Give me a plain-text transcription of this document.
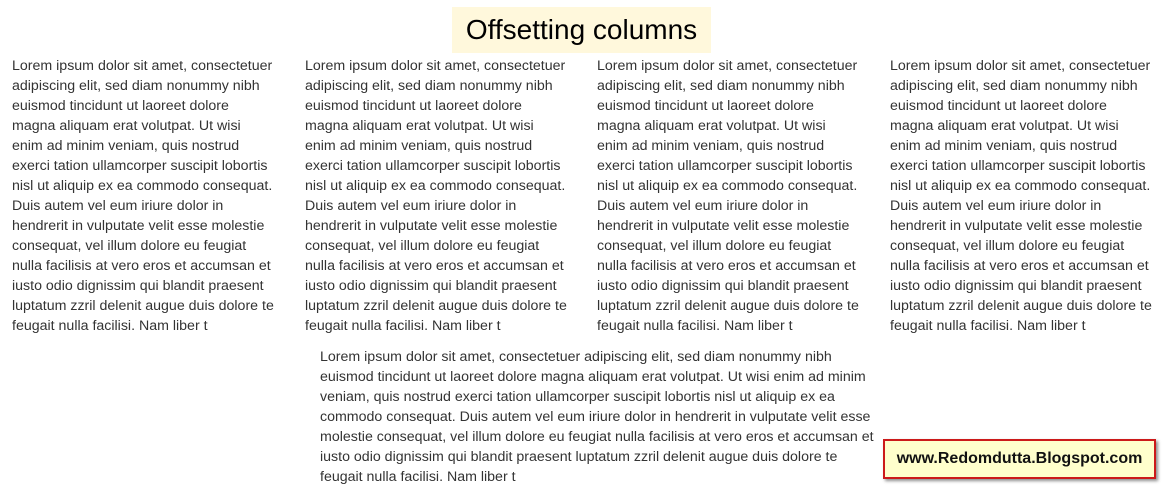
Offsetting columns

Lorem ipsum dolor sit amet, consectetuer adipiscing elit, sed diam nonummy nibh euismod tincidunt ut laoreet dolore magna aliquam erat volutpat. Ut wisi enim ad minim veniam, quis nostrud exerci tation ullamcorper suscipit lobortis nisl ut aliquip ex ea commodo consequat. Duis autem vel eum iriure dolor in hendrerit in vulputate velit esse molestie consequat, vel illum dolore eu feugiat nulla facilisis at vero eros et accumsan et iusto odio dignissim qui blandit praesent luptatum zzril delenit augue duis dolore te feugait nulla facilisi. Nam liber t

Lorem ipsum dolor sit amet, consectetuer adipiscing elit, sed diam nonummy nibh euismod tincidunt ut laoreet dolore magna aliquam erat volutpat. Ut wisi enim ad minim veniam, quis nostrud exerci tation ullamcorper suscipit lobortis nisl ut aliquip ex ea commodo consequat. Duis autem vel eum iriure dolor in hendrerit in vulputate velit esse molestie consequat, vel illum dolore eu feugiat nulla facilisis at vero eros et accumsan et iusto odio dignissim qui blandit praesent luptatum zzril delenit augue duis dolore te feugait nulla facilisi. Nam liber t

Lorem ipsum dolor sit amet, consectetuer adipiscing elit, sed diam nonummy nibh euismod tincidunt ut laoreet dolore magna aliquam erat volutpat. Ut wisi enim ad minim veniam, quis nostrud exerci tation ullamcorper suscipit lobortis nisl ut aliquip ex ea commodo consequat. Duis autem vel eum iriure dolor in hendrerit in vulputate velit esse molestie consequat, vel illum dolore eu feugiat nulla facilisis at vero eros et accumsan et iusto odio dignissim qui blandit praesent luptatum zzril delenit augue duis dolore te feugait nulla facilisi. Nam liber t

Lorem ipsum dolor sit amet, consectetuer adipiscing elit, sed diam nonummy nibh euismod tincidunt ut laoreet dolore magna aliquam erat volutpat. Ut wisi enim ad minim veniam, quis nostrud exerci tation ullamcorper suscipit lobortis nisl ut aliquip ex ea commodo consequat. Duis autem vel eum iriure dolor in hendrerit in vulputate velit esse molestie consequat, vel illum dolore eu feugiat nulla facilisis at vero eros et accumsan et iusto odio dignissim qui blandit praesent luptatum zzril delenit augue duis dolore te feugait nulla facilisi. Nam liber t

Lorem ipsum dolor sit amet, consectetuer adipiscing elit, sed diam nonummy nibh euismod tincidunt ut laoreet dolore magna aliquam erat volutpat. Ut wisi enim ad minim veniam, quis nostrud exerci tation ullamcorper suscipit lobortis nisl ut aliquip ex ea commodo consequat. Duis autem vel eum iriure dolor in hendrerit in vulputate velit esse molestie consequat, vel illum dolore eu feugiat nulla facilisis at vero eros et accumsan et iusto odio dignissim qui blandit praesent luptatum zzril delenit augue duis dolore te feugait nulla facilisi. Nam liber t

www.Redomdutta.Blogspot.com
